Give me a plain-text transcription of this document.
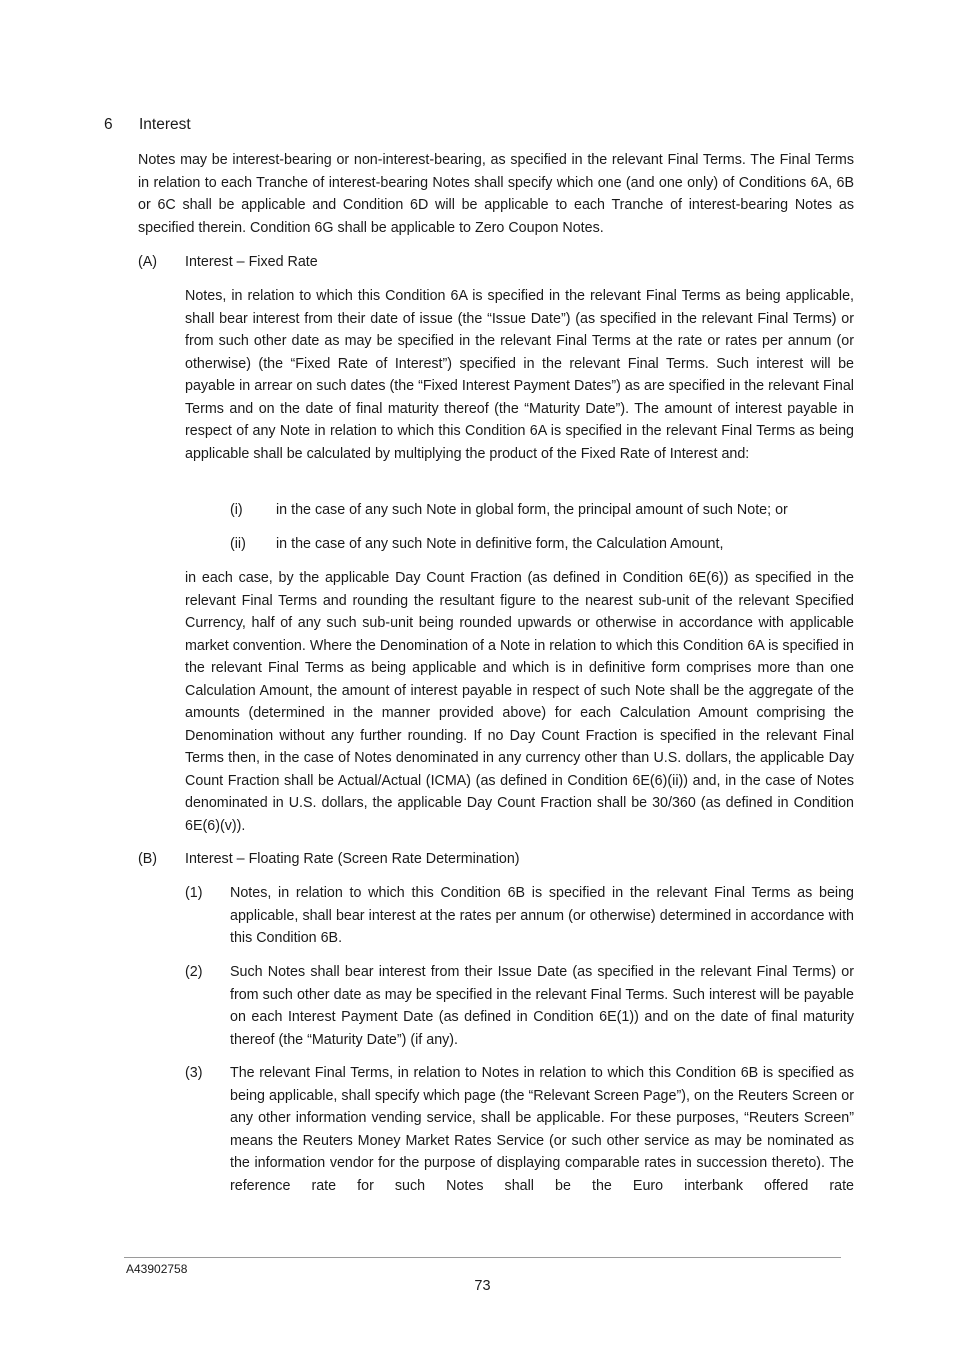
6	Interest

Notes may be interest-bearing or non-interest-bearing, as specified in the relevant Final Terms. The Final Terms in relation to each Tranche of interest-bearing Notes shall specify which one (and one only) of Conditions 6A, 6B or 6C shall be applicable and Condition 6D will be applicable to each Tranche of interest-bearing Notes as specified therein. Condition 6G shall be applicable to Zero Coupon Notes.

(A) Interest – Fixed Rate

Notes, in relation to which this Condition 6A is specified in the relevant Final Terms as being applicable, shall bear interest from their date of issue (the “Issue Date”) (as specified in the relevant Final Terms) or from such other date as may be specified in the relevant Final Terms at the rate or rates per annum (or otherwise) (the “Fixed Rate of Interest”) specified in the relevant Final Terms. Such interest will be payable in arrear on such dates (the “Fixed Interest Payment Dates”) as are specified in the relevant Final Terms and on the date of final maturity thereof (the “Maturity Date”). The amount of interest payable in respect of any Note in relation to which this Condition 6A is specified in the relevant Final Terms as being applicable shall be calculated by multiplying the product of the Fixed Rate of Interest and:

(i) in the case of any such Note in global form, the principal amount of such Note; or
(ii) in the case of any such Note in definitive form, the Calculation Amount,

in each case, by the applicable Day Count Fraction (as defined in Condition 6E(6)) as specified in the relevant Final Terms and rounding the resultant figure to the nearest sub-unit of the relevant Specified Currency, half of any such sub-unit being rounded upwards or otherwise in accordance with applicable market convention. Where the Denomination of a Note in relation to which this Condition 6A is specified in the relevant Final Terms as being applicable and which is in definitive form comprises more than one Calculation Amount, the amount of interest payable in respect of such Note shall be the aggregate of the amounts (determined in the manner provided above) for each Calculation Amount comprising the Denomination without any further rounding. If no Day Count Fraction is specified in the relevant Final Terms then, in the case of Notes denominated in any currency other than U.S. dollars, the applicable Day Count Fraction shall be Actual/Actual (ICMA) (as defined in Condition 6E(6)(ii)) and, in the case of Notes denominated in U.S. dollars, the applicable Day Count Fraction shall be 30/360 (as defined in Condition 6E(6)(v)).

(B) Interest – Floating Rate (Screen Rate Determination)
(1) Notes, in relation to which this Condition 6B is specified in the relevant Final Terms as being applicable, shall bear interest at the rates per annum (or otherwise) determined in accordance with this Condition 6B.

(2) Such Notes shall bear interest from their Issue Date (as specified in the relevant Final Terms) or from such other date as may be specified in the relevant Final Terms. Such interest will be payable on each Interest Payment Date (as defined in Condition 6E(1)) and on the date of final maturity thereof (the “Maturity Date”) (if any).

(3) The relevant Final Terms, in relation to Notes in relation to which this Condition 6B is specified as being applicable, shall specify which page (the “Relevant Screen Page”), on the Reuters Screen or any other information vending service, shall be applicable. For these purposes, “Reuters Screen” means the Reuters Money Market Rates Service (or such other service as may be nominated as the information vendor for the purpose of displaying comparable rates in succession thereto). The reference rate for such Notes shall be the Euro interbank offered rate

A43902758
73
